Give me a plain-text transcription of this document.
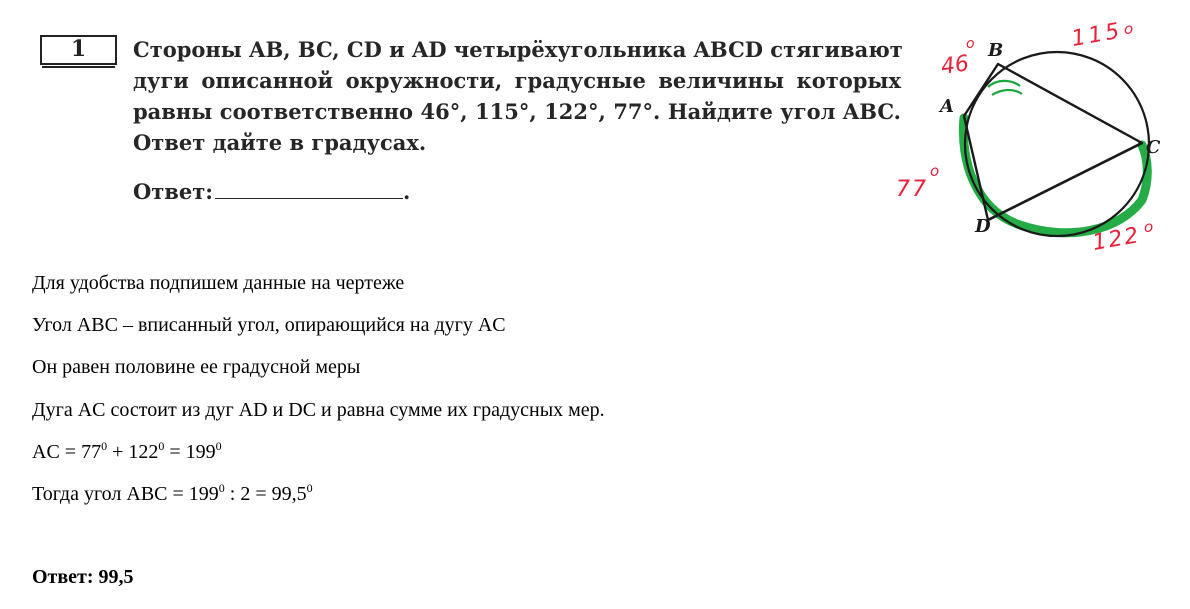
1	Стороны AB, BC, CD и AD четырёхугольника ABCD стягивают
дуги описанной окружности, градусные величины которых
равны соответственно 46°, 115°, 122°, 77°. Найдите угол ABC.
Ответ дайте в градусах.
Ответ:	.
A
B
C
D
46
o	115 o
77
o
122 o
Для удобства подпишем данные на чертеже
Угол ABC – вписанный угол, опирающийся на дугу AC
Он равен половине ее градусной меры
Дуга AC состоит из дуг AD и DC и равна сумме их градусных мер.
AC = $77^0 + 122^0 = 199^0$
Тогда угол ABC = $199^0$ : $2 = 99,5^0$
Ответ: 99,5
